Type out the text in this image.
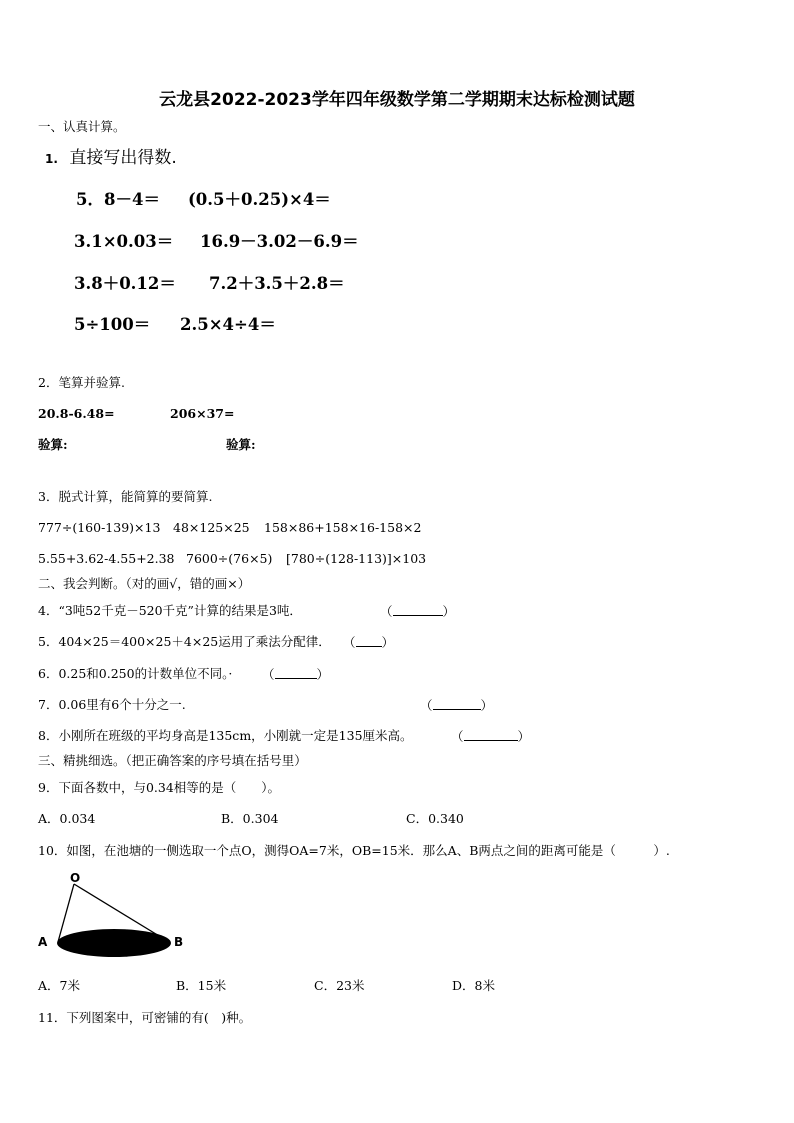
云龙县2022-2023学年四年级数学第二学期期末达标检测试题
一、认真计算。
1. 直接写出得数.
5．8－4＝ (0.5＋0.25)×4＝
3.1×0.03＝ 16.9－3.02－6.9＝
3.8＋0.12＝ 7.2＋3.5＋2.8＝
5÷100＝ 2.5×4÷4＝
2．笔算并验算.
20.8-6.48=	206×37=
验算:	验算:
3．脱式计算，能简算的要简算.
777÷(160-139)×13 48×125×25 158×86+158×16-158×2
5.55+3.62-4.55+2.38 7600÷(76×5) [780÷(128-113)]×103
二、我会判断。（对的画√，错的画×）
4．“3吨52千克－520千克”计算的结果是3吨．	（	）
5．404×25＝400×25＋4×25运用了乘法分配律． （ ）
6．0.25和0.250的计数单位不同。· （	）
7．0.06里有6个十分之一.	（	）
8．小刚所在班级的平均身高是135cm，小刚就一定是135厘米高。	（	）
三、精挑细选。（把正确答案的序号填在括号里）
9．下面各数中，与0.34相等的是（　　）。
A．0.034	B．0.304	C．0.340
10．如图，在池塘的一侧选取一个点O，测得OA=7米，OB=15米．那么A、B两点之间的距离可能是（　　　）.
O
A	B
A．7米	B．15米	C．23米	D．8米
11．下列图案中，可密铺的有(　)种。
